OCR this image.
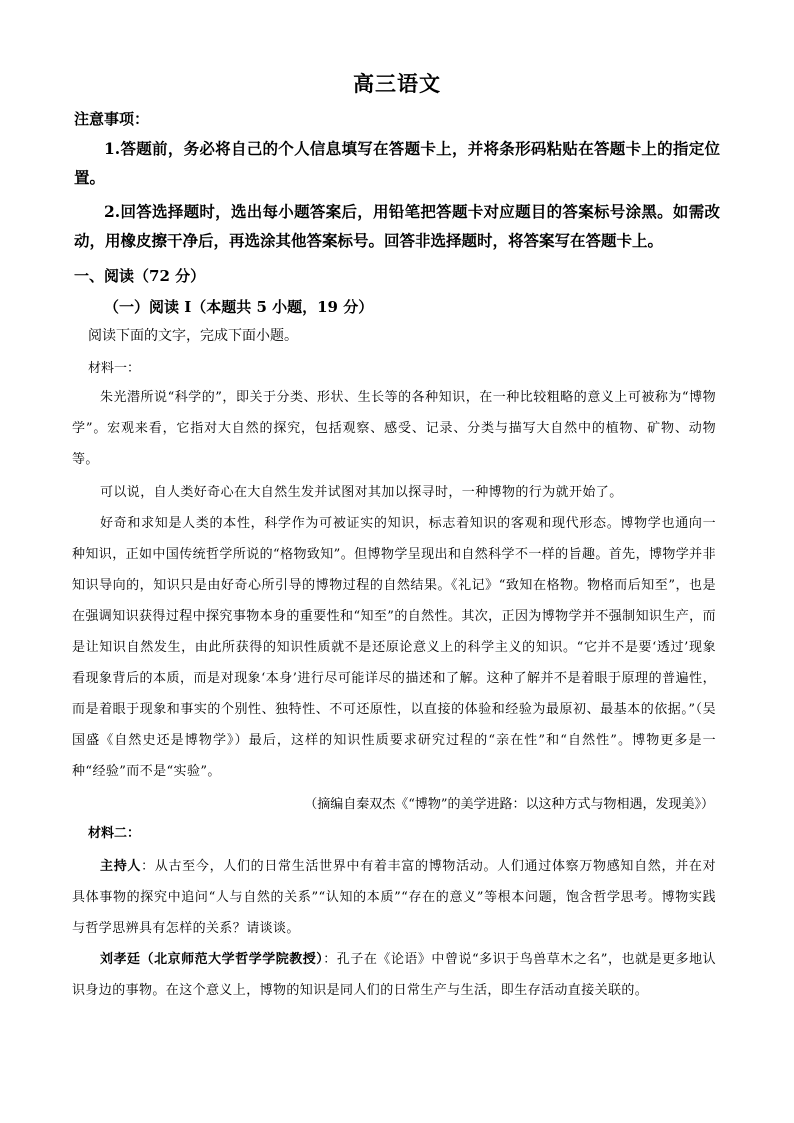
高三语文
注意事项：
1.答题前，务必将自己的个人信息填写在答题卡上，并将条形码粘贴在答题卡上的指定位置。
2.回答选择题时，选出每小题答案后，用铅笔把答题卡对应题目的答案标号涂黑。如需改动，用橡皮擦干净后，再选涂其他答案标号。回答非选择题时，将答案写在答题卡上。
一、阅读（72 分）
（一）阅读 I（本题共 5 小题，19 分）
阅读下面的文字，完成下面小题。
材料一：
朱光潜所说“科学的”，即关于分类、形状、生长等的各种知识，在一种比较粗略的意义上可被称为“博物学”。宏观来看，它指对大自然的探究，包括观察、感受、记录、分类与描写大自然中的植物、矿物、动物等。
可以说，自人类好奇心在大自然生发并试图对其加以探寻时，一种博物的行为就开始了。
好奇和求知是人类的本性，科学作为可被证实的知识，标志着知识的客观和现代形态。博物学也通向一种知识，正如中国传统哲学所说的“格物致知”。但博物学呈现出和自然科学不一样的旨趣。首先，博物学并非知识导向的，知识只是由好奇心所引导的博物过程的自然结果。《礼记》“致知在格物。物格而后知至”，也是在强调知识获得过程中探究事物本身的重要性和“知至”的自然性。其次，正因为博物学并不强制知识生产，而是让知识自然发生，由此所获得的知识性质就不是还原论意义上的科学主义的知识。“它并不是要‘透过’现象看现象背后的本质，而是对现象‘本身’进行尽可能详尽的描述和了解。这种了解并不是着眼于原理的普遍性，而是着眼于现象和事实的个别性、独特性、不可还原性，以直接的体验和经验为最原初、最基本的依据。”（吴国盛《自然史还是博物学》）最后，这样的知识性质要求研究过程的“亲在性”和“自然性”。博物更多是一种“经验”而不是“实验”。
（摘编自秦双杰《“博物”的美学进路：以这种方式与物相遇，发现美》）
材料二：
主持人：从古至今，人们的日常生活世界中有着丰富的博物活动。人们通过体察万物感知自然，并在对具体事物的探究中追问“人与自然的关系”“认知的本质”“存在的意义”等根本问题，饱含哲学思考。博物实践与哲学思辨具有怎样的关系？请谈谈。
刘孝廷（北京师范大学哲学学院教授）：孔子在《论语》中曾说“多识于鸟兽草木之名”，也就是更多地认识身边的事物。在这个意义上，博物的知识是同人们的日常生产与生活，即生存活动直接关联的。
